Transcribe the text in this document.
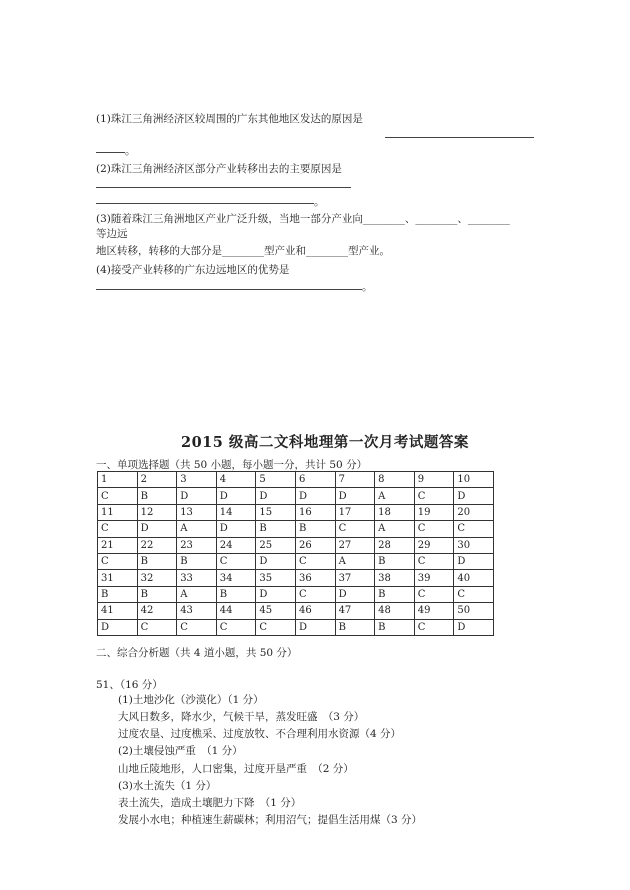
(1)珠江三角洲经济区较周围的广东其他地区发达的原因是
。
(2)珠江三角洲经济区部分产业转移出去的主要原因是
。
(3)随着珠江三角洲地区产业广泛升级，当地一部分产业向________、________、________
等边远
地区转移，转移的大部分是________型产业和________型产业。
(4)接受产业转移的广东边远地区的优势是
。
2015 级高二文科地理第一次月考试题答案
一、单项选择题（共 50 小题，每小题一分，共计 50 分）
1	2	3	4	5	6	7	8	9	10
C	B	D	D	D	D	D	A	C	D
11	12	13	14	15	16	17	18	19	20
C	D	A	D	B	B	C	A	C	C
21	22	23	24	25	26	27	28	29	30
C	B	B	C	D	C	A	B	C	D
31	32	33	34	35	36	37	38	39	40
B	B	A	B	D	C	D	B	C	C
41	42	43	44	45	46	47	48	49	50
D	C	C	C	C	D	B	B	C	D
二、综合分析题（共 4 道小题，共 50 分）
51、（16 分）
(1)土地沙化（沙漠化）（1 分）
大风日数多，降水少，气候干旱，蒸发旺盛　（3 分）
过度农垦、过度樵采、过度放牧、不合理利用水资源（4 分）
(2)土壤侵蚀严重　（1 分）
山地丘陵地形，人口密集，过度开垦严重　（2 分）
(3)水土流失（1 分）
表土流失，造成土壤肥力下降　（1 分）
发展小水电；种植速生薪碳林；利用沼气；提倡生活用煤（3 分）
